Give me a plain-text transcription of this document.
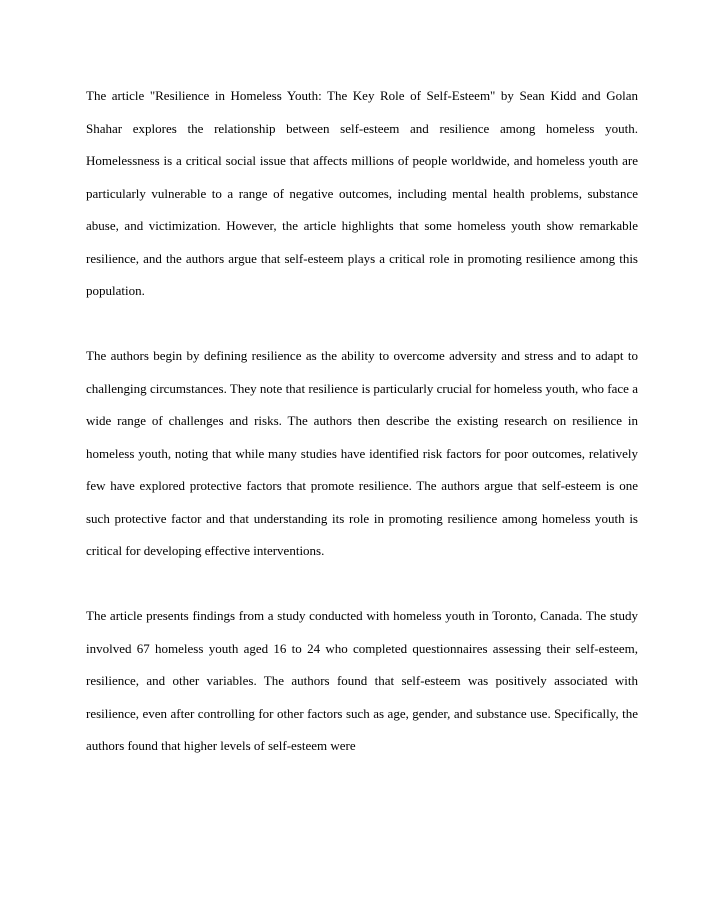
The article "Resilience in Homeless Youth: The Key Role of Self-Esteem" by Sean Kidd and Golan Shahar explores the relationship between self-esteem and resilience among homeless youth. Homelessness is a critical social issue that affects millions of people worldwide, and homeless youth are particularly vulnerable to a range of negative outcomes, including mental health problems, substance abuse, and victimization. However, the article highlights that some homeless youth show remarkable resilience, and the authors argue that self-esteem plays a critical role in promoting resilience among this population.

The authors begin by defining resilience as the ability to overcome adversity and stress and to adapt to challenging circumstances. They note that resilience is particularly crucial for homeless youth, who face a wide range of challenges and risks. The authors then describe the existing research on resilience in homeless youth, noting that while many studies have identified risk factors for poor outcomes, relatively few have explored protective factors that promote resilience. The authors argue that self-esteem is one such protective factor and that understanding its role in promoting resilience among homeless youth is critical for developing effective interventions.

The article presents findings from a study conducted with homeless youth in Toronto, Canada. The study involved 67 homeless youth aged 16 to 24 who completed questionnaires assessing their self-esteem, resilience, and other variables. The authors found that self-esteem was positively associated with resilience, even after controlling for other factors such as age, gender, and substance use. Specifically, the authors found that higher levels of self-esteem were
